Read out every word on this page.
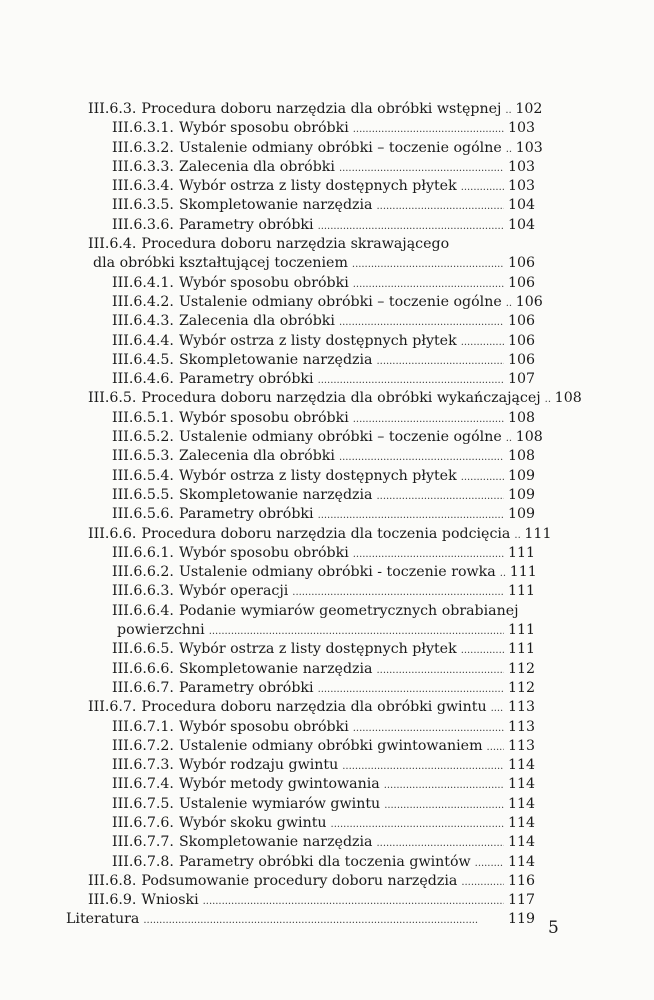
III.6.3. Procedura doboru narzędzia dla obróbki wstępnej . . . 102
III.6.3.1. Wybór sposobu obróbki . . .	103
III.6.3.2. Ustalenie odmiany obróbki – toczenie ogólne . . . 103
III.6.3.3. Zalecenia dla obróbki . . .	103
III.6.3.4. Wybór ostrza z listy dostępnych płytek . . .	103
III.6.3.5. Skompletowanie narzędzia . . .	104
III.6.3.6. Parametry obróbki . . .	104
III.6.4. Procedura doboru narzędzia skrawającego
dla obróbki kształtującej toczeniem . . .	106
III.6.4.1. Wybór sposobu obróbki . . .	106
III.6.4.2. Ustalenie odmiany obróbki – toczenie ogólne . . . 106
III.6.4.3. Zalecenia dla obróbki . . .	106
III.6.4.4. Wybór ostrza z listy dostępnych płytek . . .	106
III.6.4.5. Skompletowanie narzędzia . . .	106
III.6.4.6. Parametry obróbki . . .	107
III.6.5. Procedura doboru narzędzia dla obróbki wykańczającej . . . 108
III.6.5.1. Wybór sposobu obróbki . . .	108
III.6.5.2. Ustalenie odmiany obróbki – toczenie ogólne . . . 108
III.6.5.3. Zalecenia dla obróbki . . .	108
III.6.5.4. Wybór ostrza z listy dostępnych płytek . . .	109
III.6.5.5. Skompletowanie narzędzia . . .	109
III.6.5.6. Parametry obróbki . . .	109
III.6.6. Procedura doboru narzędzia dla toczenia podcięcia . . . 111
III.6.6.1. Wybór sposobu obróbki . . .	111
III.6.6.2. Ustalenie odmiany obróbki - toczenie rowka . . . 111
III.6.6.3. Wybór operacji . . .	111
III.6.6.4. Podanie wymiarów geometrycznych obrabianej
powierzchni . . .	111
III.6.6.5. Wybór ostrza z listy dostępnych płytek . . .	111
III.6.6.6. Skompletowanie narzędzia . . .	112
III.6.6.7. Parametry obróbki . . .	112
III.6.7. Procedura doboru narzędzia dla obróbki gwintu . . . 113
III.6.7.1. Wybór sposobu obróbki . . .	113
III.6.7.2. Ustalenie odmiany obróbki gwintowaniem . . . 113
III.6.7.3. Wybór rodzaju gwintu . . .	114
III.6.7.4. Wybór metody gwintowania . . .	114
III.6.7.5. Ustalenie wymiarów gwintu . . .	114
III.6.7.6. Wybór skoku gwintu . . .	114
III.6.7.7. Skompletowanie narzędzia . . .	114
III.6.7.8. Parametry obróbki dla toczenia gwintów . . .	114
III.6.8. Podsumowanie procedury doboru narzędzia . . .	116
III.6.9. Wnioski . . .	117
Literatura . . .	119 5
